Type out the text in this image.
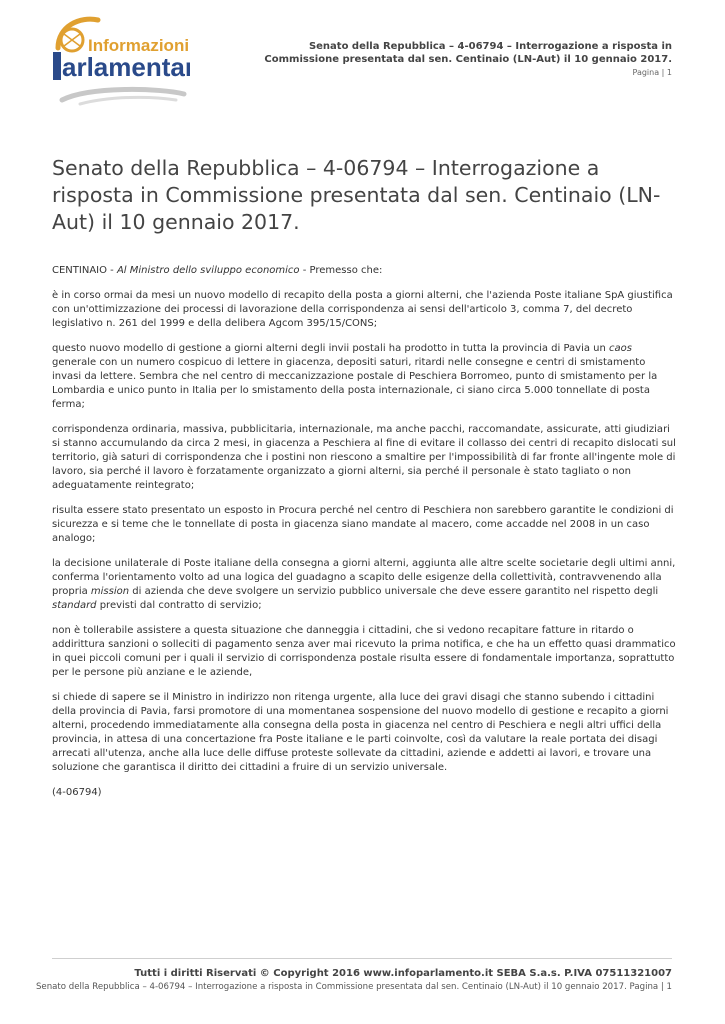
Informazioni
arlamentari
Senato della Repubblica – 4-06794 – Interrogazione a risposta in
Commissione presentata dal sen. Centinaio (LN-Aut) il 10 gennaio 2017.
Pagina | 1
Senato della Repubblica – 4-06794 – Interrogazione a risposta in Commissione presentata dal sen. Centinaio (LN-Aut) il 10 gennaio 2017.

CENTINAIO - Al Ministro dello sviluppo economico - Premesso che:

è in corso ormai da mesi un nuovo modello di recapito della posta a giorni alterni, che l'azienda Poste italiane SpA giustifica con un'ottimizzazione dei processi di lavorazione della corrispondenza ai sensi dell'articolo 3, comma 7, del decreto legislativo n. 261 del 1999 e della delibera Agcom 395/15/CONS;

questo nuovo modello di gestione a giorni alterni degli invii postali ha prodotto in tutta la provincia di Pavia un caos generale con un numero cospicuo di lettere in giacenza, depositi saturi, ritardi nelle consegne e centri di smistamento invasi da lettere. Sembra che nel centro di meccanizzazione postale di Peschiera Borromeo, punto di smistamento per la Lombardia e unico punto in Italia per lo smistamento della posta internazionale, ci siano circa 5.000 tonnellate di posta ferma;

corrispondenza ordinaria, massiva, pubblicitaria, internazionale, ma anche pacchi, raccomandate, assicurate, atti giudiziari si stanno accumulando da circa 2 mesi, in giacenza a Peschiera al fine di evitare il collasso dei centri di recapito dislocati sul territorio, già saturi di corrispondenza che i postini non riescono a smaltire per l'impossibilità di far fronte all'ingente mole di lavoro, sia perché il lavoro è forzatamente organizzato a giorni alterni, sia perché il personale è stato tagliato o non adeguatamente reintegrato;

risulta essere stato presentato un esposto in Procura perché nel centro di Peschiera non sarebbero garantite le condizioni di sicurezza e si teme che le tonnellate di posta in giacenza siano mandate al macero, come accadde nel 2008 in un caso analogo;

la decisione unilaterale di Poste italiane della consegna a giorni alterni, aggiunta alle altre scelte societarie degli ultimi anni, conferma l'orientamento volto ad una logica del guadagno a scapito delle esigenze della collettività, contravvenendo alla propria mission di azienda che deve svolgere un servizio pubblico universale che deve essere garantito nel rispetto degli standard previsti dal contratto di servizio;

non è tollerabile assistere a questa situazione che danneggia i cittadini, che si vedono recapitare fatture in ritardo o addirittura sanzioni o solleciti di pagamento senza aver mai ricevuto la prima notifica, e che ha un effetto quasi drammatico in quei piccoli comuni per i quali il servizio di corrispondenza postale risulta essere di fondamentale importanza, soprattutto per le persone più anziane e le aziende,

si chiede di sapere se il Ministro in indirizzo non ritenga urgente, alla luce dei gravi disagi che stanno subendo i cittadini della provincia di Pavia, farsi promotore di una momentanea sospensione del nuovo modello di gestione e recapito a giorni alterni, procedendo immediatamente alla consegna della posta in giacenza nel centro di Peschiera e negli altri uffici della provincia, in attesa di una concertazione fra Poste italiane e le parti coinvolte, così da valutare la reale portata dei disagi arrecati all'utenza, anche alla luce delle diffuse proteste sollevate da cittadini, aziende e addetti ai lavori, e trovare una soluzione che garantisca il diritto dei cittadini a fruire di un servizio universale.

(4-06794)

Tutti i diritti Riservati © Copyright 2016 www.infoparlamento.it SEBA S.a.s. P.IVA 07511321007
Senato della Repubblica – 4-06794 – Interrogazione a risposta in Commissione presentata dal sen. Centinaio (LN-Aut) il 10 gennaio 2017. Pagina | 1
